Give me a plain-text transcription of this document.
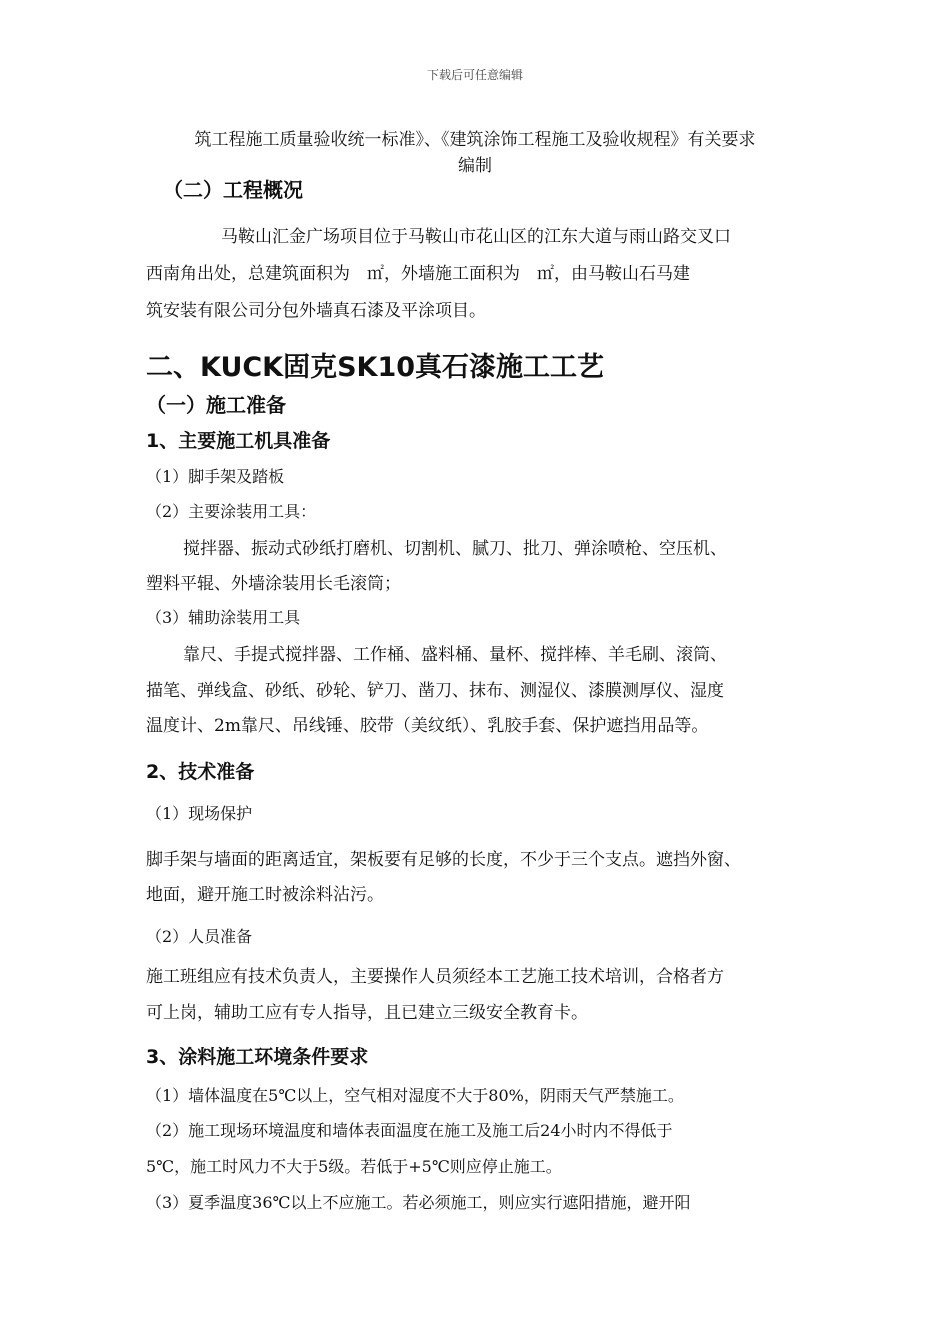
下载后可任意编辑
筑工程施工质量验收统一标准》、《建筑涂饰工程施工及验收规程》有关要求
编制
（二）工程概况
马鞍山汇金广场项目位于马鞍山市花山区的江东大道与雨山路交叉口
西南角出处，总建筑面积为　㎡，外墙施工面积为　㎡，由马鞍山石马建
筑安装有限公司分包外墙真石漆及平涂项目。
二、KUCK固克SK10真石漆施工工艺
（一）施工准备
1、主要施工机具准备
（1）脚手架及踏板
（2）主要涂装用工具：
搅拌器、振动式砂纸打磨机、切割机、腻刀、批刀、弹涂喷枪、空压机、
塑料平辊、外墙涂装用长毛滚筒；
（3）辅助涂装用工具
靠尺、手提式搅拌器、工作桶、盛料桶、量杯、搅拌棒、羊毛刷、滚筒、
描笔、弹线盒、砂纸、砂轮、铲刀、凿刀、抹布、测湿仪、漆膜测厚仪、湿度
温度计、2m靠尺、吊线锤、胶带（美纹纸）、乳胶手套、保护遮挡用品等。
2、技术准备
（1）现场保护
脚手架与墙面的距离适宜，架板要有足够的长度，不少于三个支点。遮挡外窗、
地面，避开施工时被涂料沾污。
（2）人员准备
施工班组应有技术负责人，主要操作人员须经本工艺施工技术培训，合格者方
可上岗，辅助工应有专人指导，且已建立三级安全教育卡。
3、涂料施工环境条件要求
（1）墙体温度在5℃以上，空气相对湿度不大于80%，阴雨天气严禁施工。
（2）施工现场环境温度和墙体表面温度在施工及施工后24小时内不得低于
5℃，施工时风力不大于5级。若低于+5℃则应停止施工。
（3）夏季温度36℃以上不应施工。若必须施工，则应实行遮阳措施，避开阳
